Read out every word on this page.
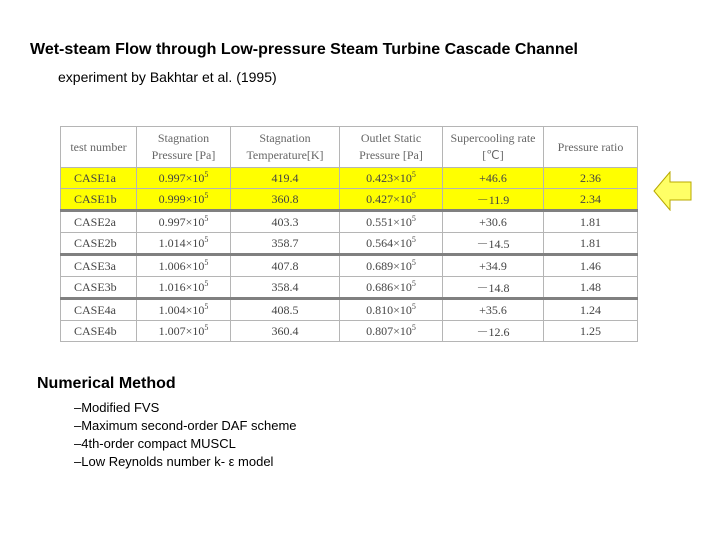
Wet-steam Flow through Low-pressure Steam Turbine Cascade Channel
experiment by Bakhtar et al. (1995)
test number	Stagnation Pressure [Pa]	Stagnation Temperature[K]	Outlet Static Pressure [Pa]	Supercooling rate [℃]	Pressure ratio
CASE1a	$0.997\times 10^5$	419.4	$0.423\times 10^5$	+46.6	2.36
CASE1b	$0.999\times 10^5$	360.8	$0.427\times 10^5$	－11.9	2.34
CASE2a	$0.997\times 10^5$	403.3	$0.551\times 10^5$	+30.6	1.81
CASE2b	$1.014\times 10^5$	358.7	$0.564\times 10^5$	－14.5	1.81
CASE3a	$1.006\times 10^5$	407.8	$0.689\times 10^5$	+34.9	1.46
CASE3b	$1.016\times 10^5$	358.4	$0.686\times 10^5$	－14.8	1.48
CASE4a	$1.004\times 10^5$	408.5	$0.810\times 10^5$	+35.6	1.24
CASE4b	$1.007\times 10^5$	360.4	$0.807\times 10^5$	－12.6	1.25
Numerical Method
–Modified FVS
–Maximum second-order DAF scheme
–4th-order compact MUSCL
–Low Reynolds number k- ε model
